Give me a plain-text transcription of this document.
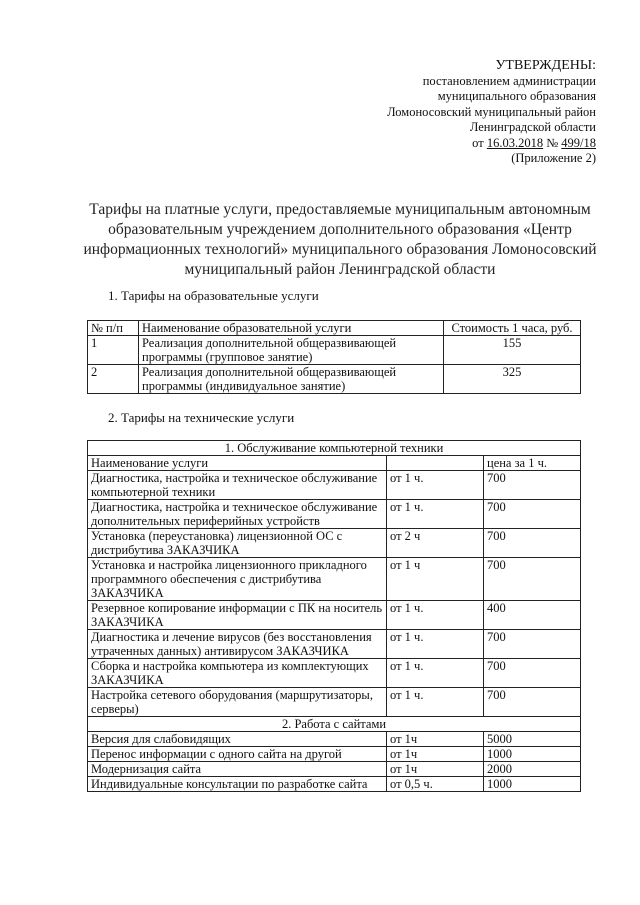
УТВЕРЖДЕНЫ:
постановлением администрации
муниципального образования
Ломоносовский муниципальный район
Ленинградской области
от 16.03.2018 № 499/18
(Приложение 2)
Тарифы на платные услуги, предоставляемые муниципальным автономным образовательным учреждением дополнительного образования «Центр информационных технологий» муниципального образования Ломоносовский муниципальный район Ленинградской области
1. Тарифы на образовательные услуги
№ п/п	Наименование образовательной услуги	Стоимость 1 часа, руб.
1	Реализация дополнительной общеразвивающей программы (групповое занятие)	155
2	Реализация дополнительной общеразвивающей программы (индивидуальное занятие)	325
2. Тарифы на технические услуги
1. Обслуживание компьютерной техники		
Наименование услуги		цена за 1 ч.
Диагностика, настройка и техническое обслуживание компьютерной техники	от 1 ч.	700
Диагностика, настройка и техническое обслуживание дополнительных периферийных устройств	от 1 ч.	700
Установка (переустановка) лицензионной ОС с дистрибутива ЗАКАЗЧИКА	от 2 ч	700
Установка и настройка лицензионного прикладного программного обеспечения с дистрибутива ЗАКАЗЧИКА	от 1 ч	700
Резервное копирование информации с ПК на носитель ЗАКАЗЧИКА	от 1 ч.	400
Диагностика и лечение вирусов (без восстановления утраченных данных) антивирусом ЗАКАЗЧИКА	от 1 ч.	700
Сборка и настройка компьютера из комплектующих ЗАКАЗЧИКА	от 1 ч.	700
Настройка сетевого оборудования (маршрутизаторы, серверы)	от 1 ч.	700
2. Работа с сайтами		
Версия для слабовидящих	от 1ч	5000
Перенос информации с одного сайта на другой	от 1ч	1000
Модернизация сайта	от 1ч	2000
Индивидуальные консультации по разработке сайта	от 0,5 ч.	1000
